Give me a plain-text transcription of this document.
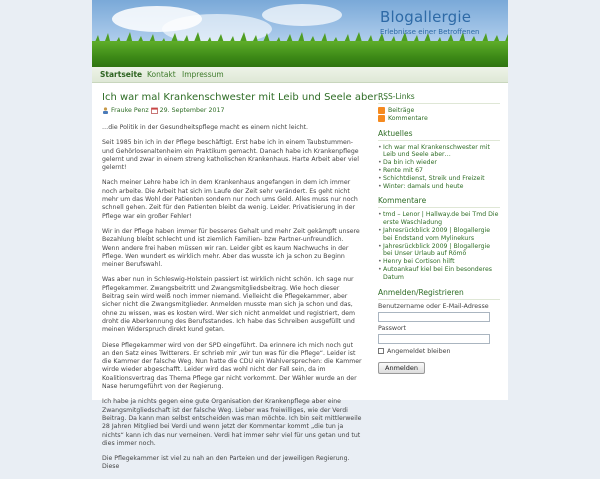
Blogallergie
Erlebnisse einer Betroffenen
Startseite Kontakt Impressum
Ich war mal Krankenschwester mit Leib und Seele aber…
Frauke Penz 29. September 2017

…die Politik in der Gesundheitspflege macht es einem nicht leicht.

Seit 1985 bin ich in der Pflege beschäftigt. Erst habe ich in einem Taubstummen- und Gehörlosenaltenheim ein Praktikum gemacht. Danach habe ich Krankenpflege gelernt und zwar in einem streng katholischen Krankenhaus. Harte Arbeit aber viel gelernt!

Nach meiner Lehre habe ich in dem Krankenhaus angefangen in dem ich immer noch arbeite. Die Arbeit hat sich im Laufe der Zeit sehr verändert. Es geht nicht mehr um das Wohl der Patienten sondern nur noch ums Geld. Alles muss nur noch schnell gehen. Zeit für den Patienten bleibt da wenig. Leider. Privatisierung in der Pflege war ein großer Fehler!

Wir in der Pflege haben immer für besseres Gehalt und mehr Zeit gekämpft unsere Bezahlung bleibt schlecht und ist ziemlich Familien- bzw Partner-unfreundlich. Wenn andere frei haben müssen wir ran. Leider gibt es kaum Nachwuchs in der Pflege. Wen wundert es wirklich mehr. Aber das wusste ich ja schon zu Beginn meiner Berufswahl.

Was aber nun in Schleswig-Holstein passiert ist wirklich nicht schön. Ich sage nur Pflegekammer. Zwangsbeitritt und Zwangsmitgliedsbeitrag. Wie hoch dieser Beitrag sein wird weiß noch immer niemand. Vielleicht die Pflegekammer, aber sicher nicht die Zwangsmitglieder. Anmelden musste man sich ja schon und das, ohne zu wissen, was es kosten wird. Wer sich nicht anmeldet und registriert, dem droht die Aberkennung des Berufsstandes. Ich habe das Schreiben ausgefüllt und meinen Widerspruch direkt kund getan.

Diese Pflegekammer wird von der SPD eingeführt. Da erinnere ich mich noch gut an den Satz eines Twitterers. Er schrieb mir „wir tun was für die Pflege“. Leider ist die Kammer der falsche Weg. Nun hatte die CDU ein Wahlversprechen: die Kammer wirde wieder abgeschafft. Leider wird das wohl nicht der Fall sein, da im Koalitionsvertrag das Thema Pflege gar nicht vorkommt. Der Wähler wurde an der Nase herumgeführt von der Regierung.

Ich habe ja nichts gegen eine gute Organisation der Krankenpflege aber eine Zwangsmitgliedschaft ist der falsche Weg. Lieber was freiwilliges, wie der Verdi Beitrag. Da kann man selbst entscheiden was man möchte. Ich bin seit mittlerweile 28 Jahren Mitglied bei Verdi und wenn jetzt der Kommentar kommt „die tun ja nichts“ kann ich das nur verneinen. Verdi hat immer sehr viel für uns getan und tut dies immer noch.

Die Pflegekammer ist viel zu nah an den Parteien und der jeweiligen Regierung. Diese

RSS-Links
Beiträge
Kommentare
Aktuelles
• Ich war mal Krankenschwester mit Leib und Seele aber…
• Da bin ich wieder
• Rente mit 67
• Schichtdienst, Streik und Freizeit
• Winter: damals und heute
Kommentare
• tmd – Lenor | Hallway.de bei Tmd Die erste Waschladung
• Jahresrückblick 2009 | Blogallergie bei Endstand vom Mylinekurs
• Jahresrückblick 2009 | Blogallergie bei Unser Urlaub auf Römö
• Henry bei Cortison hilft
• Autoankauf kiel bei Ein besonderes Datum
Anmelden/Registrieren
Benutzername oder E-Mail-Adresse
Passwort
Angemeldet bleiben
Anmelden
